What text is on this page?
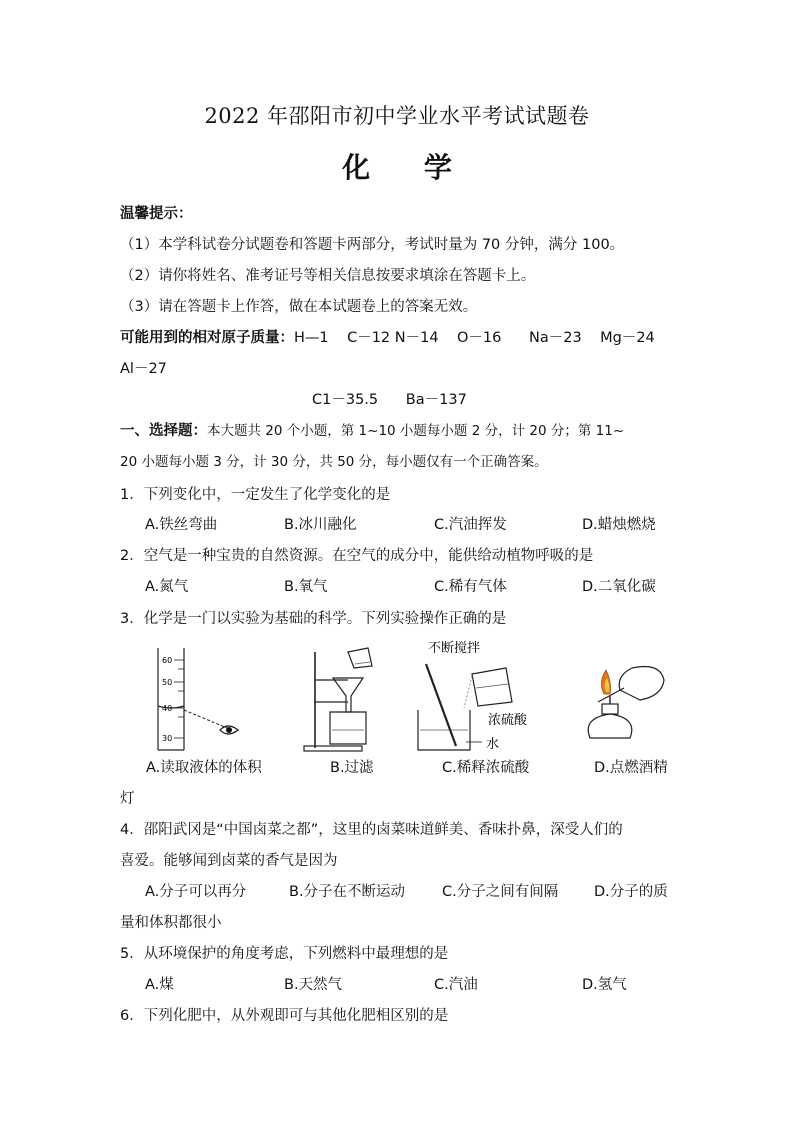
2022 年邵阳市初中学业水平考试试题卷
化 学
温馨提示：
（1）本学科试卷分试题卷和答题卡两部分，考试时量为 70 分钟，满分 100。
（2）请你将姓名、准考证号等相关信息按要求填涂在答题卡上。
（3）请在答题卡上作答，做在本试题卷上的答案无效。
可能用到的相对原子质量：H—1    C－12 N－14    O－16      Na－23    Mg－24
Al－27
C1－35.5      Ba－137
一、选择题：本大题共 20 个小题，第 1~10 小题每小题 2 分，计 20 分；第 11~
20 小题每小题 3 分，计 30 分，共 50 分，每小题仅有一个正确答案。
1．下列变化中，一定发生了化学变化的是
A.铁丝弯曲	B.冰川融化	C.汽油挥发	D.蜡烛燃烧
2．空气是一种宝贵的自然资源。在空气的成分中，能供给动植物呼吸的是
A.氮气	B.氧气	C.稀有气体	D.二氧化碳
3．化学是一门以实验为基础的科学。下列实验操作正确的是
60
50
40
30
不断搅拌
浓硫酸
水
A.读取液体的体积	B.过滤	C.稀释浓硫酸	D.点燃酒精
灯
4．邵阳武冈是“中国卤菜之都”，这里的卤菜味道鲜美、香味扑鼻，深受人们的
喜爱。能够闻到卤菜的香气是因为
A.分子可以再分	B.分子在不断运动	C.分子之间有间隔 D.分子的质
量和体积都很小
5．从环境保护的角度考虑，下列燃料中最理想的是
A.煤	B.天然气	C.汽油	D.氢气
6．下列化肥中，从外观即可与其他化肥相区别的是
